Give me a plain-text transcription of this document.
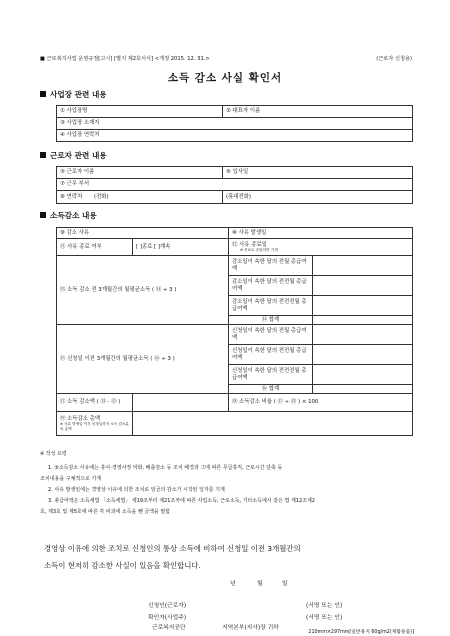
■ 근로복지사업 운영규정[고시] [별지 제2호서식] <개정 2015. 12. 31.>	(근로자 신청용)
소득 감소 사실 확인서
사업장 관련 내용
① 사업장명	② 대표자 이름
③ 사업장 소재지
④ 사업장 연락처
근로자 관련 내용
⑤ 근로자 이름	⑥ 입사일
⑦ 근무 부서	

⑧ 연락처 (전화)	(휴대전화)
소득감소 내용
⑨ 감소 사유		⑩ 사유 발생일	
⑪ 사유 종료 여부	[ ]종료 [ ]계속	⑫ 사유 종료일
※ 종료로 응답하면 기재	

⑬ 소득 감소 전 3개월간의 월평균소득 ( ⑭ ÷ 3 )		감소일이 속한 달의 전월 총급여액	
		감소일이 속한 달의 전전월 총급여액	
		감소일이 속한 달의 전전전월 총급여액	
		⑭ 합계	
⑮ 신청일 이전 3개월간의 월평균소득 ( ⑯ ÷ 3 )		신청일이 속한 달의 전월 총급여액	
		신청일이 속한 달의 전전월 총급여액	
		신청일이 속한 달의 전전전월 총급여액	
		⑯ 합계	
⑰ 소득 감소액 ( ⑬ - ⑮ )		⑱ 소득감소 비율 ( ⑰ ÷ ⑬ ) × 100	

⑲ 소득감소 총액
※ 사유 발생일 이후 신청일까지 소득 감소분의 총액			

※ 작성 요령
1. ⑨소득감소 사유에는 휴사·경영사정 악화, 배출감소 등 조치 배경과 그에 따른 무급휴직, 근로시간 단축 등
조치내용을 구체적으로 기재
2. 사유 발생일에는 경영상 이유에 의한 조치로 임금의 감소가 시작된 일자를 기재
3. 총급여액은 소득세법 「소득세법」 제19조부터 제21조까에 따른 사업소득, 근로소득, 기타소득에서 같은 법 제12조제2
호, 제3호 및 제5호에 따른 각 비과세 소득을 뺀 금액을 말함
경영상 이유에 의한 조치로 신청인의 통상 소득에 비하여 신청일 이전 3개월간의
소득이 현저히 감소한 사실이 있음을 확인합니다.
년	월	일
신청인(근로자)	(서명 또는 인)
확인자(사업주)	(서명 또는 인)
근로복지공단	지역본부(지사)장 귀하
210mm×297mm[일반용지 60g/m2(재활용품)]
